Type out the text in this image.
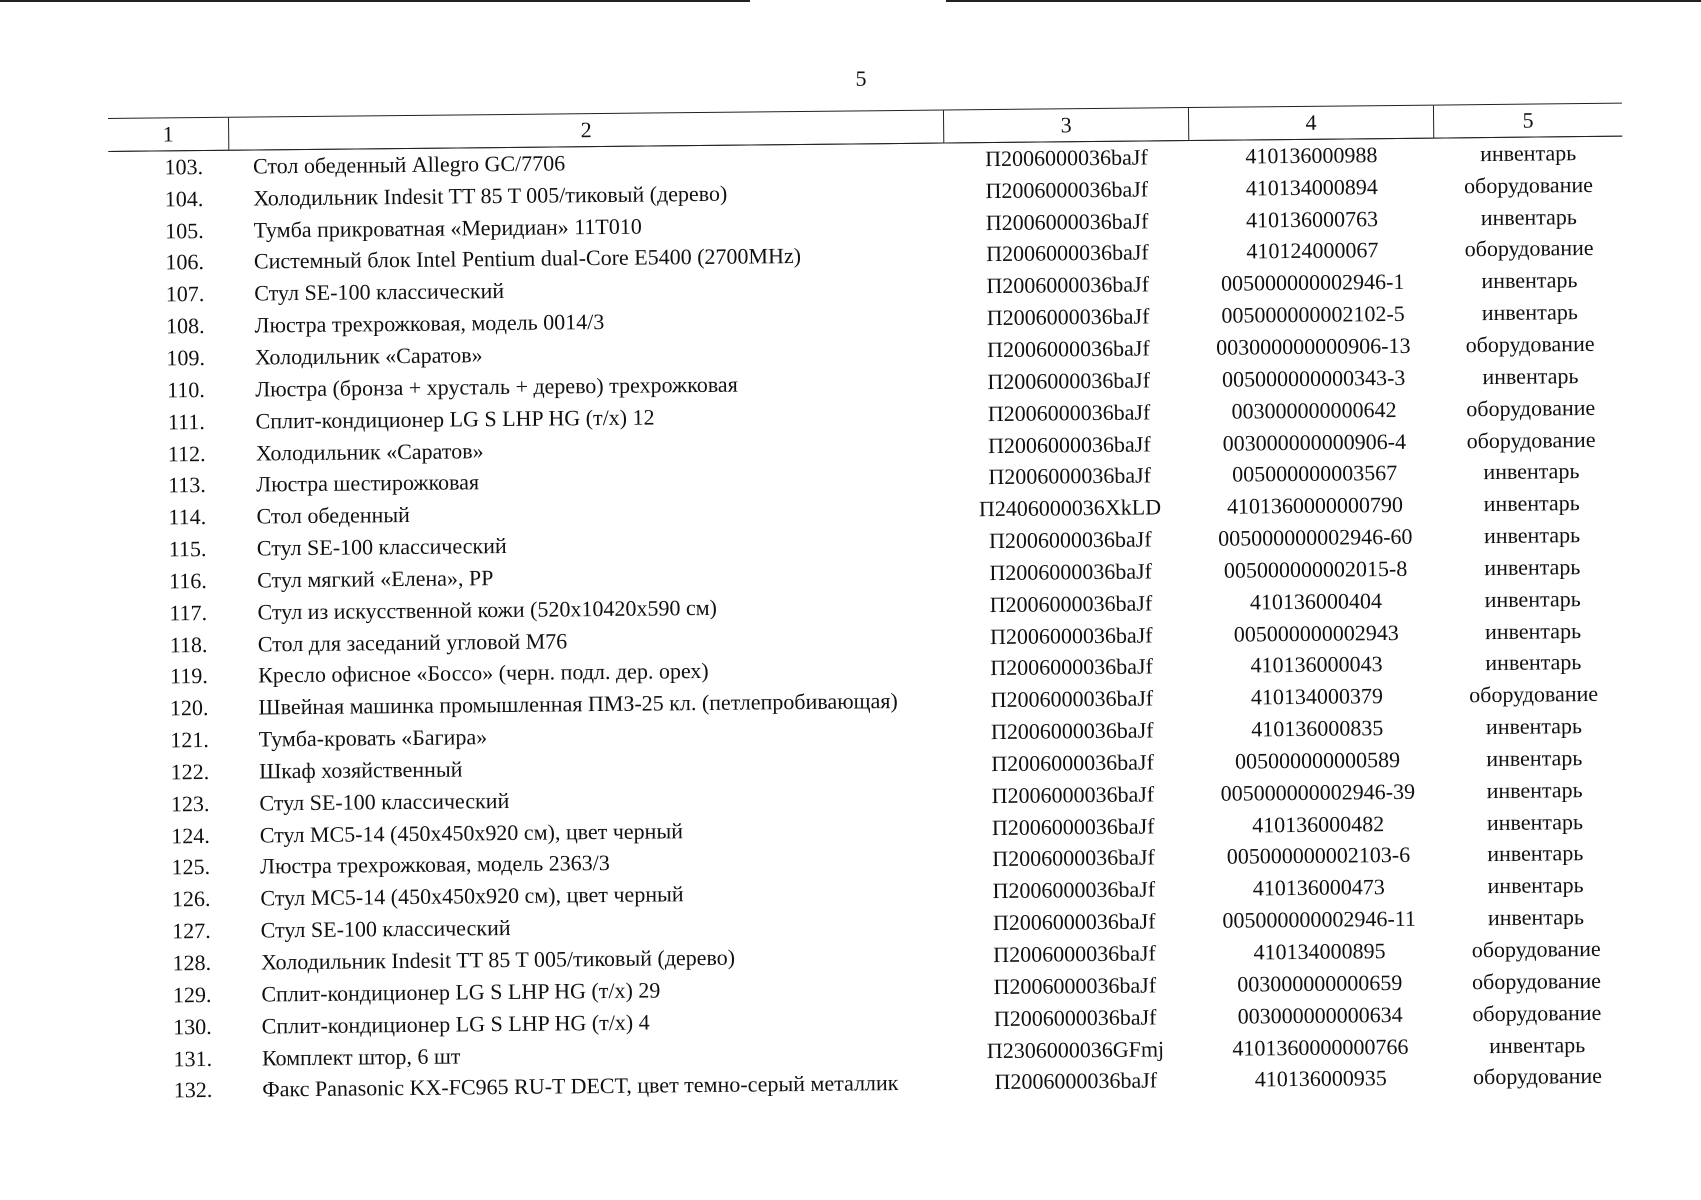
5
1	2	3	4	5
103.	Стол обеденный Allegro GC/7706	П2006000036baJf	410136000988	инвентарь
104.	Холодильник Indesit TT 85 T 005/тиковый (дерево)	П2006000036baJf	410134000894	оборудование
105.	Тумба прикроватная «Меридиан» 11T010	П2006000036baJf	410136000763	инвентарь
106.	Системный блок Intel Pentium dual-Core E5400 (2700MHz)	П2006000036baJf	410124000067	оборудование
107.	Стул SE-100 классический	П2006000036baJf	005000000002946-1	инвентарь
108.	Люстра трехрожковая, модель 0014/3	П2006000036baJf	005000000002102-5	инвентарь
109.	Холодильник «Саратов»	П2006000036baJf	003000000000906-13	оборудование
110.	Люстра (бронза + хрусталь + дерево) трехрожковая	П2006000036baJf	005000000000343-3	инвентарь
111.	Сплит-кондиционер LG S LHP HG (т/х) 12	П2006000036baJf	003000000000642	оборудование
112.	Холодильник «Саратов»	П2006000036baJf	003000000000906-4	оборудование
113.	Люстра шестирожковая	П2006000036baJf	005000000003567	инвентарь
114.	Стол обеденный	П2406000036XkLD	4101360000000790	инвентарь
115.	Стул SE-100 классический	П2006000036baJf	005000000002946-60	инвентарь
116.	Стул мягкий «Елена», PP	П2006000036baJf	005000000002015-8	инвентарь
117.	Стул из искусственной кожи (520x10420x590 см)	П2006000036baJf	410136000404	инвентарь
118.	Стол для заседаний угловой M76	П2006000036baJf	005000000002943	инвентарь
119.	Кресло офисное «Боссо» (черн. подл. дер. орех)	П2006000036baJf	410136000043	инвентарь
120.	Швейная машинка промышленная ПМЗ-25 кл. (петлепробивающая)	П2006000036baJf	410134000379	оборудование
121.	Тумба-кровать «Багира»	П2006000036baJf	410136000835	инвентарь
122.	Шкаф хозяйственный	П2006000036baJf	005000000000589	инвентарь
123.	Стул SE-100 классический	П2006000036baJf	005000000002946-39	инвентарь
124.	Стул MC5-14 (450x450x920 см), цвет черный	П2006000036baJf	410136000482	инвентарь
125.	Люстра трехрожковая, модель 2363/3	П2006000036baJf	005000000002103-6	инвентарь
126.	Стул MC5-14 (450x450x920 см), цвет черный	П2006000036baJf	410136000473	инвентарь
127.	Стул SE-100 классический	П2006000036baJf	005000000002946-11	инвентарь
128.	Холодильник Indesit TT 85 T 005/тиковый (дерево)	П2006000036baJf	410134000895	оборудование
129.	Сплит-кондиционер LG S LHP HG (т/х) 29	П2006000036baJf	003000000000659	оборудование
130.	Сплит-кондиционер LG S LHP HG (т/х) 4	П2006000036baJf	003000000000634	оборудование
131.	Комплект штор, 6 шт	П2306000036GFmj	4101360000000766	инвентарь
132.	Факс Panasonic KX-FC965 RU-T DECT, цвет темно-серый металлик	П2006000036baJf	410136000935	оборудование
